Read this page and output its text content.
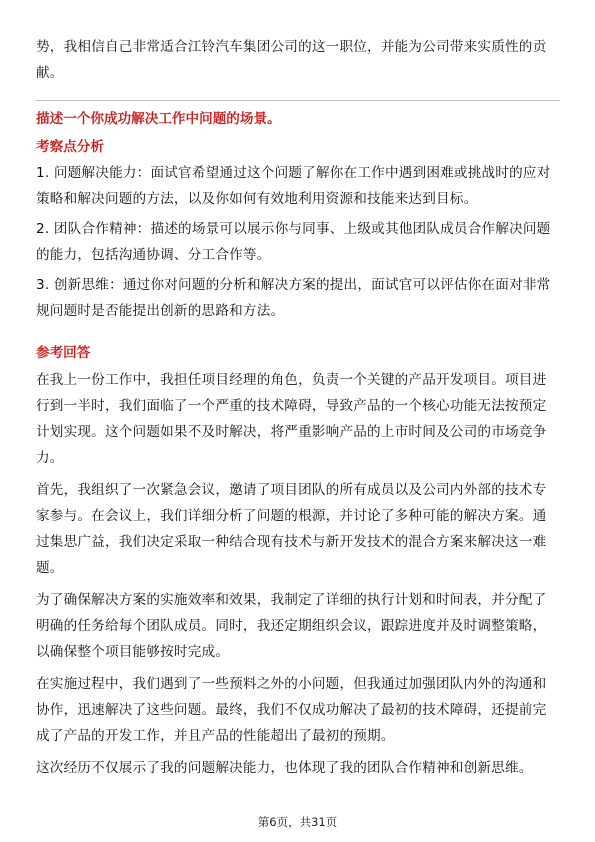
势，我相信自己非常适合江铃汽车集团公司的这一职位，并能为公司带来实质性的贡献。

描述一个你成功解决工作中问题的场景。

考察点分析

1. 问题解决能力：面试官希望通过这个问题了解你在工作中遇到困难或挑战时的应对策略和解决问题的方法，以及你如何有效地利用资源和技能来达到目标。

2. 团队合作精神：描述的场景可以展示你与同事、上级或其他团队成员合作解决问题的能力，包括沟通协调、分工合作等。

3. 创新思维：通过你对问题的分析和解决方案的提出，面试官可以评估你在面对非常规问题时是否能提出创新的思路和方法。

参考回答

在我上一份工作中，我担任项目经理的角色，负责一个关键的产品开发项目。项目进行到一半时，我们面临了一个严重的技术障碍，导致产品的一个核心功能无法按预定计划实现。这个问题如果不及时解决，将严重影响产品的上市时间及公司的市场竞争力。

首先，我组织了一次紧急会议，邀请了项目团队的所有成员以及公司内外部的技术专家参与。在会议上，我们详细分析了问题的根源，并讨论了多种可能的解决方案。通过集思广益，我们决定采取一种结合现有技术与新开发技术的混合方案来解决这一难题。

为了确保解决方案的实施效率和效果，我制定了详细的执行计划和时间表，并分配了明确的任务给每个团队成员。同时，我还定期组织会议，跟踪进度并及时调整策略，以确保整个项目能够按时完成。

在实施过程中，我们遇到了一些预料之外的小问题，但我通过加强团队内外的沟通和协作，迅速解决了这些问题。最终，我们不仅成功解决了最初的技术障碍，还提前完成了产品的开发工作，并且产品的性能超出了最初的预期。

这次经历不仅展示了我的问题解决能力，也体现了我的团队合作精神和创新思维。

第6页，共31页
